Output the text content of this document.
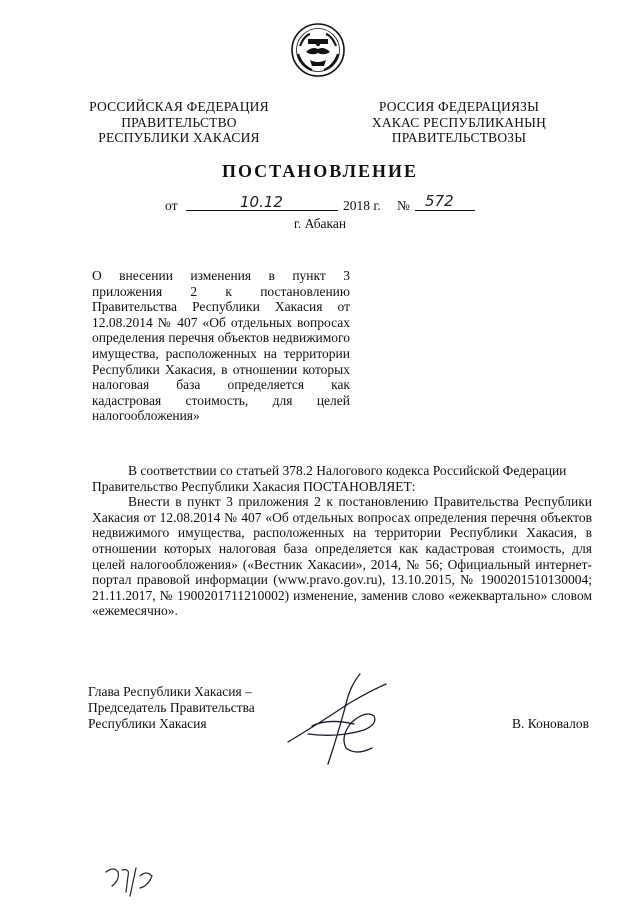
РОССИЙСКАЯ ФЕДЕРАЦИЯ
ПРАВИТЕЛЬСТВО
РЕСПУБЛИКИ ХАКАСИЯ
РОССИЯ ФЕДЕРАЦИЯЗЫ
ХАКАС РЕСПУБЛИКАНЫҢ
ПРАВИТЕЛЬСТВОЗЫ
ПОСТАНОВЛЕНИЕ
от	10.12	2018 г. № 572
г. Абакан

О внесении изменения в пункт 3 приложения 2 к постановлению Правительства Республики Хакасия от 12.08.2014 № 407 «Об отдельных вопросах определения перечня объектов недвижимого имущества, расположенных на территории Республики Хакасия, в отношении которых налоговая база определяется как кадастровая стоимость, для целей налогообложения»

В соответствии со статьей 378.2 Налогового кодекса Российской Федерации

Правительство Республики Хакасия ПОСТАНОВЛЯЕТ:

Внести в пункт 3 приложения 2 к постановлению Правительства Республики Хакасия от 12.08.2014 № 407 «Об отдельных вопросах определения перечня объектов недвижимого имущества, расположенных на территории Республики Хакасия, в отношении которых налоговая база определяется как кадастровая стоимость, для целей налогообложения» («Вестник Хакасии», 2014, № 56; Официальный интернет-портал правовой информации (www.pravo.gov.ru), 13.10.2015, № 1900201510130004; 21.11.2017, № 1900201711210002) изменение, заменив слово «ежеквартально» словом «ежемесячно».

Глава Республики Хакасия –
Председатель Правительства
Республики Хакасия	В. Коновалов
